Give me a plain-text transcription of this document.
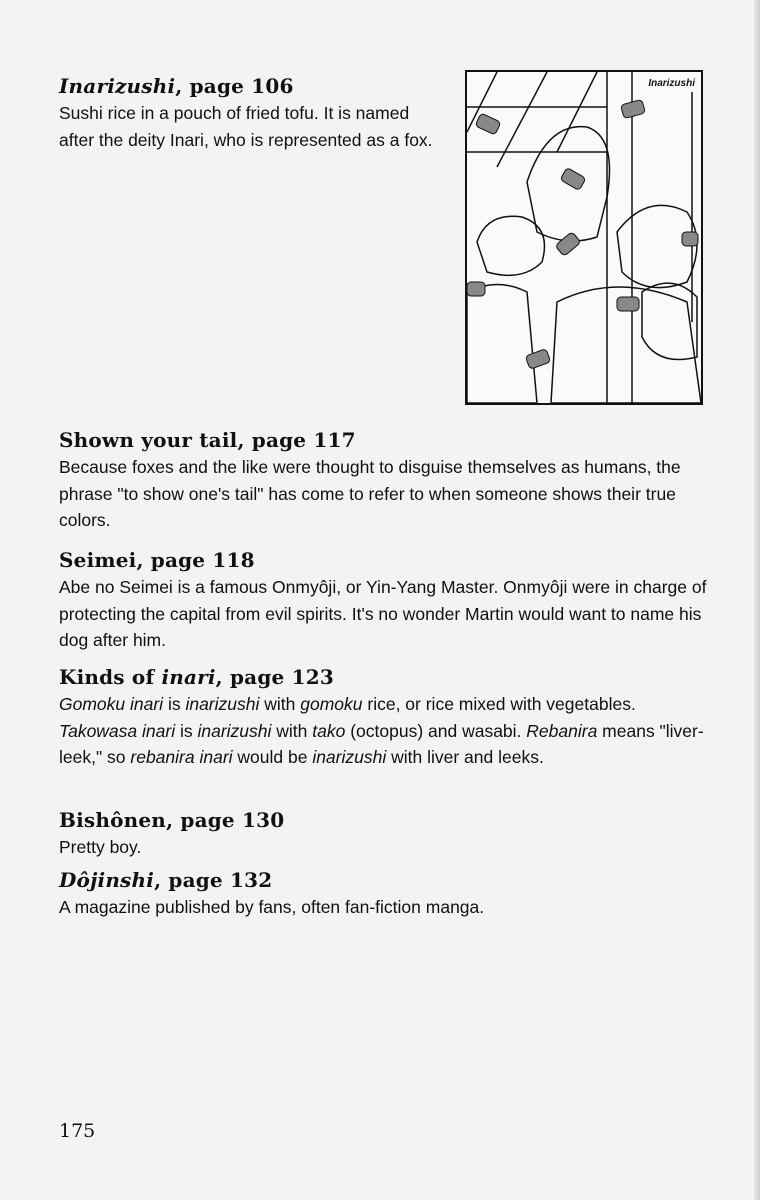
Inarizushi, page 106

Sushi rice in a pouch of fried tofu. It is named after the deity Inari, who is represented as a fox.

Inarizushi
Shown your tail, page 117

Because foxes and the like were thought to disguise themselves as humans, the phrase "to show one's tail" has come to refer to when someone shows their true colors.

Seimei, page 118

Abe no Seimei is a famous Onmyôji, or Yin-Yang Master. Onmyôji were in charge of protecting the capital from evil spirits. It's no wonder Martin would want to name his dog after him.

Kinds of inari, page 123

Gomoku inari is inarizushi with gomoku rice, or rice mixed with vegetables. Takowasa inari is inarizushi with tako (octopus) and wasabi. Rebanira means "liver-leek," so rebanira inari would be inarizushi with liver and leeks.

Bishônen, page 130

Pretty boy.

Dôjinshi, page 132

A magazine published by fans, often fan-fiction manga.

175
